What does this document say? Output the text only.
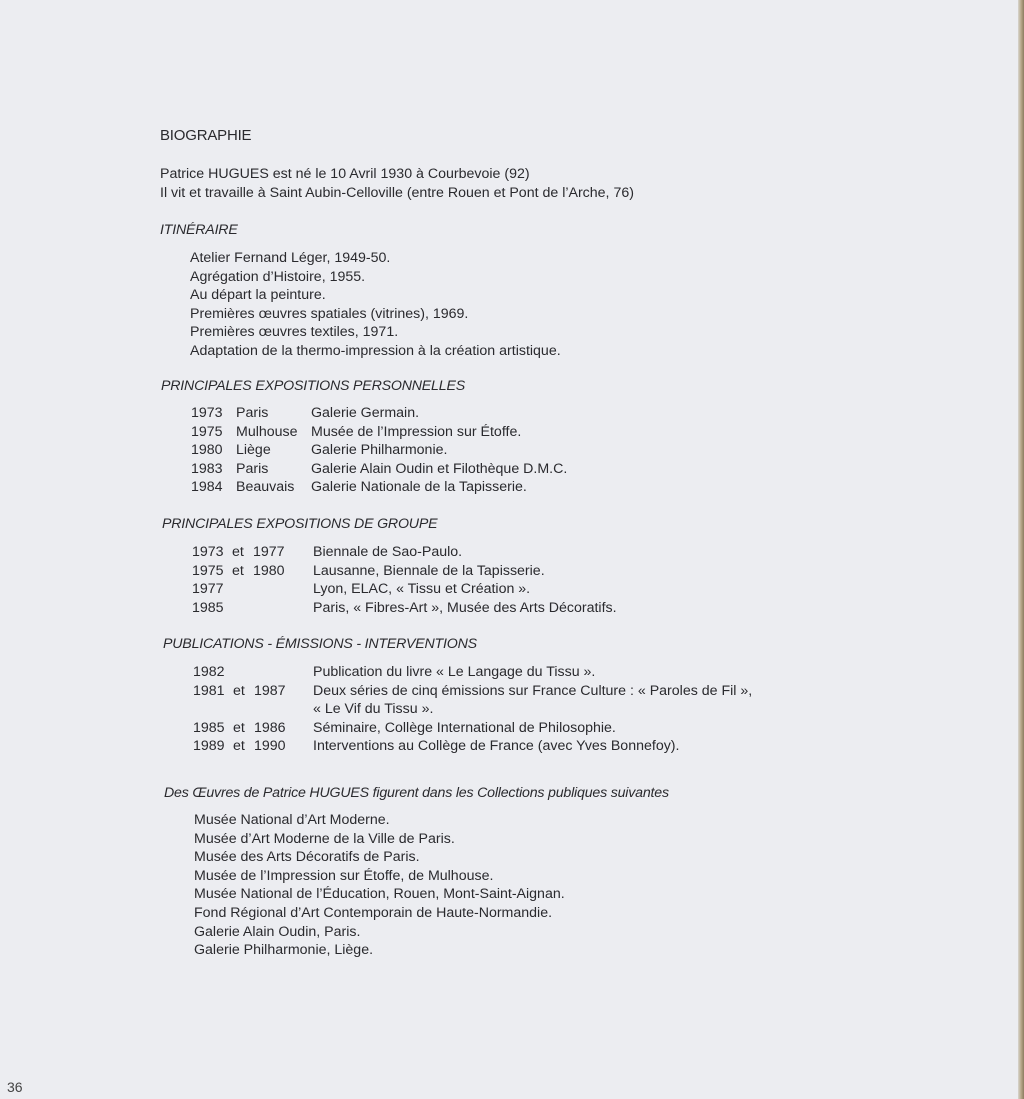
BIOGRAPHIE
Patrice HUGUES est né le 10 Avril 1930 à Courbevoie (92)
Il vit et travaille à Saint Aubin-Celloville (entre Rouen et Pont de l’Arche, 76)
ITINÉRAIRE
Atelier Fernand Léger, 1949-50.
Agrégation d’Histoire, 1955.
Au départ la peinture.
Premières œuvres spatiales (vitrines), 1969.
Premières œuvres textiles, 1971.
Adaptation de la thermo-impression à la création artistique.
PRINCIPALES EXPOSITIONS PERSONNELLES
1973 Paris	Galerie Germain.
1975 Mulhouse Musée de l’Impression sur Étoffe.
1980 Liège	Galerie Philharmonie.
1983 Paris	Galerie Alain Oudin et Filothèque D.M.C.
1984 Beauvais Galerie Nationale de la Tapisserie.
PRINCIPALES EXPOSITIONS DE GROUPE
1973 et 1977 Biennale de Sao-Paulo.
1975 et 1980 Lausanne, Biennale de la Tapisserie.
1977	Lyon, ELAC, « Tissu et Création ».
1985	Paris, « Fibres-Art », Musée des Arts Décoratifs.
PUBLICATIONS - ÉMISSIONS - INTERVENTIONS
1982	Publication du livre « Le Langage du Tissu ».
1981 et 1987 Deux séries de cinq émissions sur France Culture : « Paroles de Fil »,
« Le Vif du Tissu ».
1985 et 1986 Séminaire, Collège International de Philosophie.
1989 et 1990 Interventions au Collège de France (avec Yves Bonnefoy).
Des Œuvres de Patrice HUGUES figurent dans les Collections publiques suivantes
Musée National d’Art Moderne.
Musée d’Art Moderne de la Ville de Paris.
Musée des Arts Décoratifs de Paris.
Musée de l’Impression sur Étoffe, de Mulhouse.
Musée National de l’Éducation, Rouen, Mont-Saint-Aignan.
Fond Régional d’Art Contemporain de Haute-Normandie.
Galerie Alain Oudin, Paris.
Galerie Philharmonie, Liège.
36
